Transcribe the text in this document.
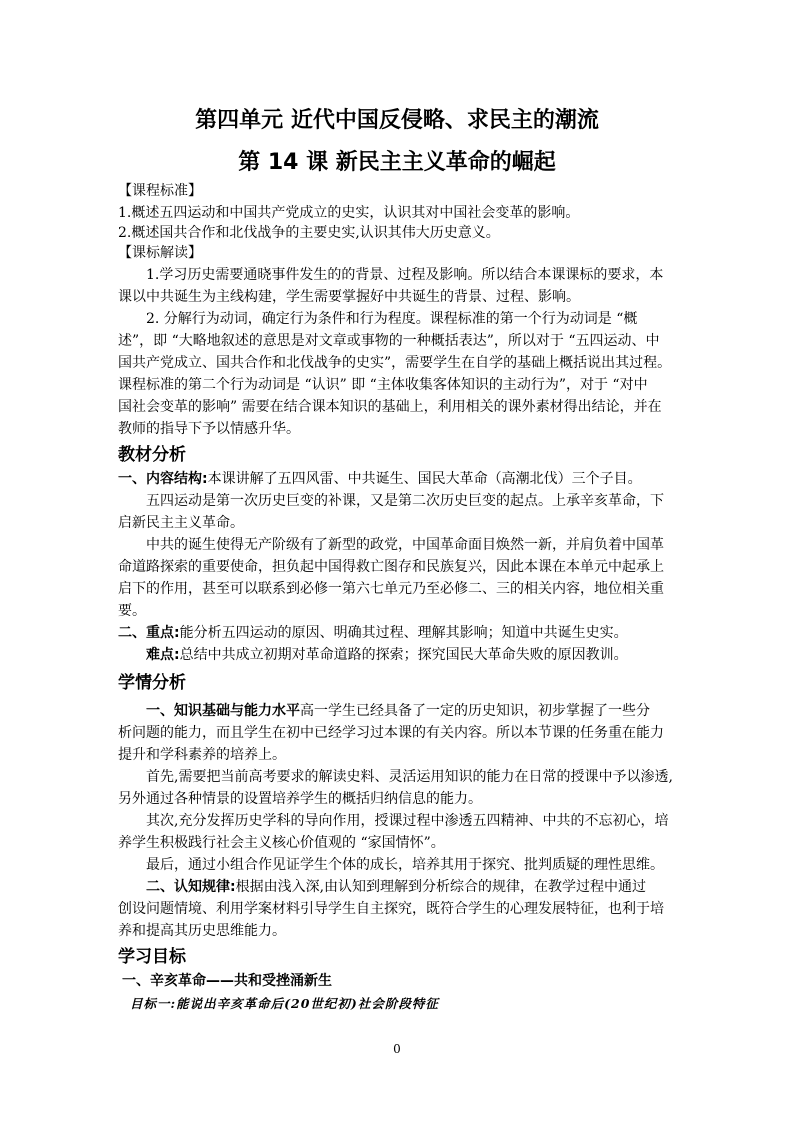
第四单元 近代中国反侵略、求民主的潮流
第 14 课 新民主主义革命的崛起
【课程标准】
1.概述五四运动和中国共产党成立的史实，认识其对中国社会变革的影响。
2.概述国共合作和北伐战争的主要史实,认识其伟大历史意义。
【课标解读】
1.学习历史需要通晓事件发生的的背景、过程及影响。所以结合本课课标的要求，本
课以中共诞生为主线构建，学生需要掌握好中共诞生的背景、过程、影响。
2. 分解行为动词，确定行为条件和行为程度。课程标准的第一个行为动词是 “概
述”，即 “大略地叙述的意思是对文章或事物的一种概括表达”，所以对于 “五四运动、中
国共产党成立、国共合作和北伐战争的史实”，需要学生在自学的基础上概括说出其过程。
课程标准的第二个行为动词是 “认识” 即 “主体收集客体知识的主动行为”，对于 “对中
国社会变革的影响” 需要在结合课本知识的基础上，利用相关的课外素材得出结论，并在
教师的指导下予以情感升华。
教材分析
一、内容结构:本课讲解了五四风雷、中共诞生、国民大革命（高潮北伐）三个子目。
五四运动是第一次历史巨变的补课，又是第二次历史巨变的起点。上承辛亥革命，下
启新民主主义革命。
中共的诞生使得无产阶级有了新型的政党，中国革命面目焕然一新，并肩负着中国革
命道路探索的重要使命，担负起中国得救亡图存和民族复兴，因此本课在本单元中起承上
启下的作用，甚至可以联系到必修一第六七单元乃至必修二、三的相关内容，地位相关重
要。
二、重点:能分析五四运动的原因、明确其过程、理解其影响；知道中共诞生史实。
难点:总结中共成立初期对革命道路的探索；探究国民大革命失败的原因教训。
学情分析
一、知识基础与能力水平高一学生已经具备了一定的历史知识，初步掌握了一些分
析问题的能力，而且学生在初中已经学习过本课的有关内容。所以本节课的任务重在能力
提升和学科素养的培养上。
首先,需要把当前高考要求的解读史料、灵活运用知识的能力在日常的授课中予以渗透,
另外通过各种情景的设置培养学生的概括归纳信息的能力。
其次,充分发挥历史学科的导向作用，授课过程中渗透五四精神、中共的不忘初心，培
养学生积极践行社会主义核心价值观的 “家国情怀”。
最后，通过小组合作见证学生个体的成长，培养其用于探究、批判质疑的理性思维。
二、认知规律:根据由浅入深,由认知到理解到分析综合的规律，在教学过程中通过
创设问题情境、利用学案材料引导学生自主探究，既符合学生的心理发展特征，也利于培
养和提高其历史思维能力。
学习目标
一、辛亥革命——共和受挫涌新生
目标一:能说出辛亥革命后(20世纪初)社会阶段特征
0
